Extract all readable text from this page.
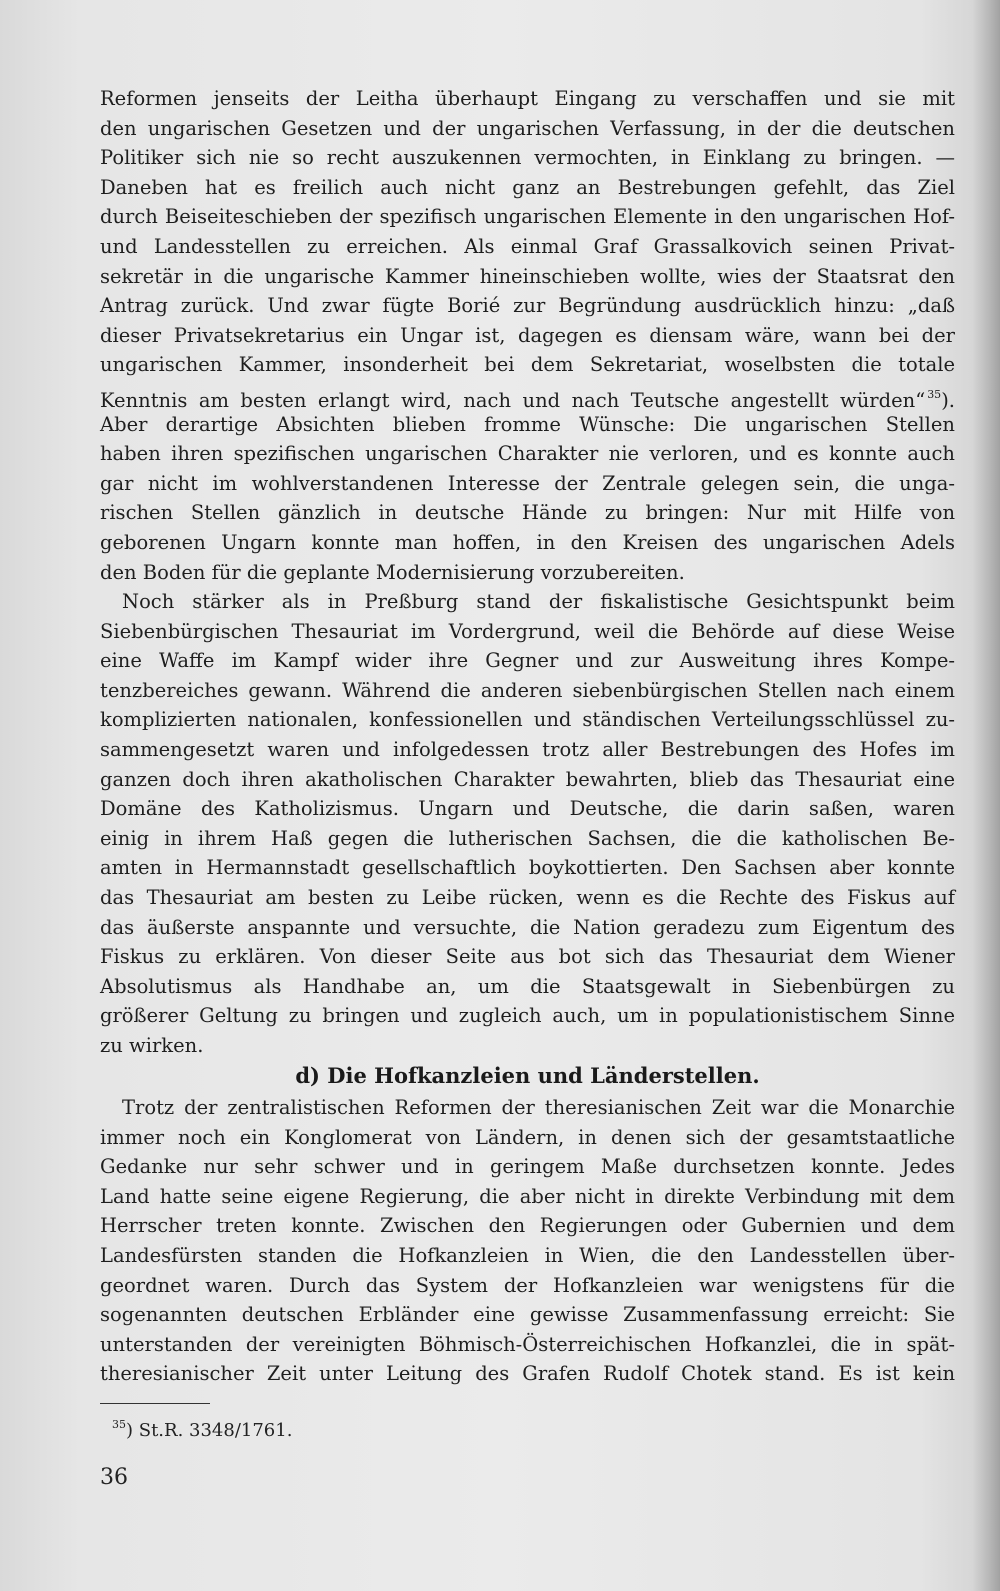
Reformen jenseits der Leitha überhaupt Eingang zu verschaffen und sie mit
den ungarischen Gesetzen und der ungarischen Verfassung, in der die deutschen
Politiker sich nie so recht auszukennen vermochten, in Einklang zu bringen. —
Daneben hat es freilich auch nicht ganz an Bestrebungen gefehlt, das Ziel
durch Beiseiteschieben der spezifisch ungarischen Elemente in den ungarischen Hof-
und Landesstellen zu erreichen. Als einmal Graf Grassalkovich seinen Privat-
sekretär in die ungarische Kammer hineinschieben wollte, wies der Staatsrat den
Antrag zurück. Und zwar fügte Borié zur Begründung ausdrücklich hinzu: „daß
dieser Privatsekretarius ein Ungar ist, dagegen es diensam wäre, wann bei der
ungarischen Kammer, insonderheit bei dem Sekretariat, woselbsten die totale
Kenntnis am besten erlangt wird, nach und nach Teutsche angestellt würden“ $^{35}$).
Aber derartige Absichten blieben fromme Wünsche: Die ungarischen Stellen
haben ihren spezifischen ungarischen Charakter nie verloren, und es konnte auch
gar nicht im wohlverstandenen Interesse der Zentrale gelegen sein, die unga-
rischen Stellen gänzlich in deutsche Hände zu bringen: Nur mit Hilfe von
geborenen Ungarn konnte man hoffen, in den Kreisen des ungarischen Adels
den Boden für die geplante Modernisierung vorzubereiten.
Noch stärker als in Preßburg stand der fiskalistische Gesichtspunkt beim
Siebenbürgischen Thesauriat im Vordergrund, weil die Behörde auf diese Weise
eine Waffe im Kampf wider ihre Gegner und zur Ausweitung ihres Kompe-
tenzbereiches gewann. Während die anderen siebenbürgischen Stellen nach einem
komplizierten nationalen, konfessionellen und ständischen Verteilungsschlüssel zu-
sammengesetzt waren und infolgedessen trotz aller Bestrebungen des Hofes im
ganzen doch ihren akatholischen Charakter bewahrten, blieb das Thesauriat eine
Domäne des Katholizismus. Ungarn und Deutsche, die darin saßen, waren
einig in ihrem Haß gegen die lutherischen Sachsen, die die katholischen Be-
amten in Hermannstadt gesellschaftlich boykottierten. Den Sachsen aber konnte
das Thesauriat am besten zu Leibe rücken, wenn es die Rechte des Fiskus auf
das äußerste anspannte und versuchte, die Nation geradezu zum Eigentum des
Fiskus zu erklären. Von dieser Seite aus bot sich das Thesauriat dem Wiener
Absolutismus als Handhabe an, um die Staatsgewalt in Siebenbürgen zu
größerer Geltung zu bringen und zugleich auch, um in populationistischem Sinne
zu wirken.
d) Die Hofkanzleien und Länderstellen.
Trotz der zentralistischen Reformen der theresianischen Zeit war die Monarchie
immer noch ein Konglomerat von Ländern, in denen sich der gesamtstaatliche
Gedanke nur sehr schwer und in geringem Maße durchsetzen konnte. Jedes
Land hatte seine eigene Regierung, die aber nicht in direkte Verbindung mit dem
Herrscher treten konnte. Zwischen den Regierungen oder Gubernien und dem
Landesfürsten standen die Hofkanzleien in Wien, die den Landesstellen über-
geordnet waren. Durch das System der Hofkanzleien war wenigstens für die
sogenannten deutschen Erbländer eine gewisse Zusammenfassung erreicht: Sie
unterstanden der vereinigten Böhmisch-Österreichischen Hofkanzlei, die in spät-
theresianischer Zeit unter Leitung des Grafen Rudolf Chotek stand. Es ist kein
$^{35}$) St.R. 3348/1761.
36
